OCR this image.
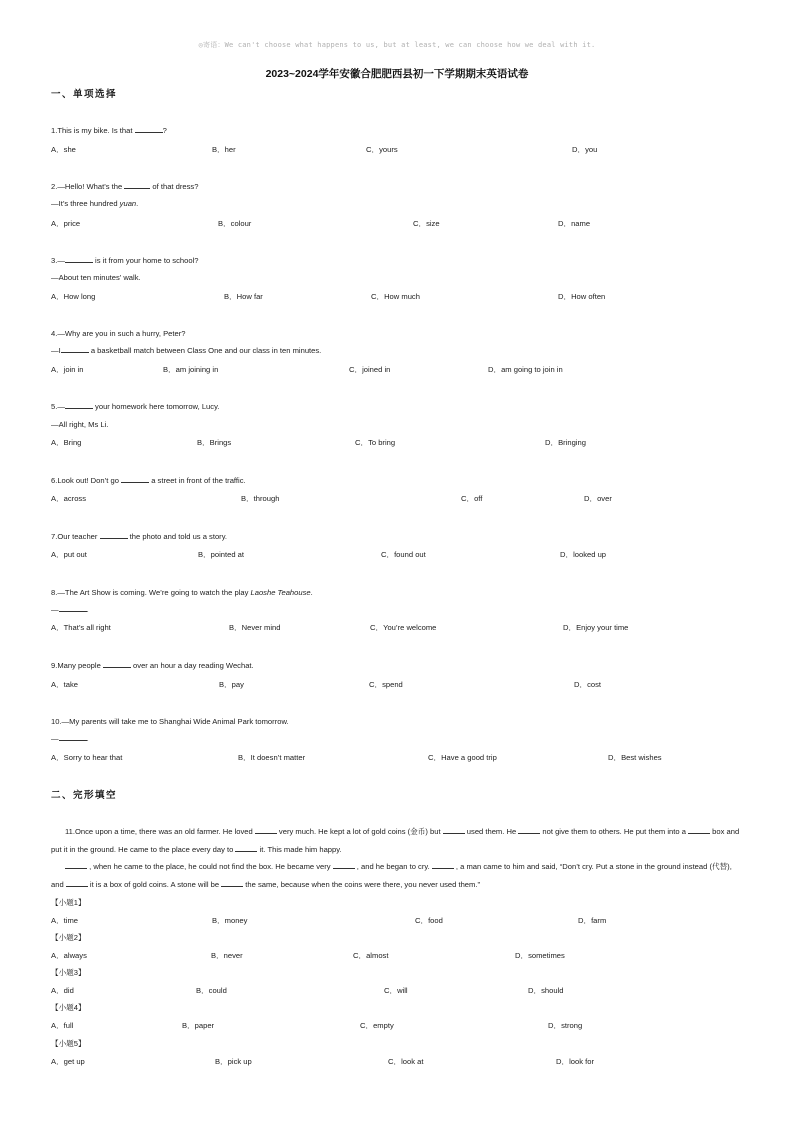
◎寄语：We can't choose what happens to us, but at least, we can choose how we deal with it.
2023~2024学年安徽合肥肥西县初一下学期期末英语试卷
一、单项选择
1.This is my bike. Is that	?
A．she	B．her	C．yours	D．you
2.—Hello! What’s the	of that dress?
—It’s three hundred yuan.
A．price	B．colour	C．size	D．name
3.—	is it from your home to school?
—About ten minutes’ walk.
A．How long	B．How far	C．How much	D．How often
4.—Why are you in such a hurry, Peter?
—I	a basketball match between Class One and our class in ten minutes.
A．join in	B．am joining in	C．joined in	D．am going to join in
5.—	your homework here tomorrow, Lucy.
—All right, Ms Li.
A．Bring	B．Brings	C．To bring	D．Bringing
6.Look out! Don’t go	a street in front of the traffic.
A．across	B．through	C．off	D．over
7.Our teacher	the photo and told us a story.
A．put out	B．pointed at	C．found out	D．looked up
8.—The Art Show is coming. We’re going to watch the play Laoshe Teahouse.
—	.
A．That’s all right	B．Never mind	C．You’re welcome	D．Enjoy your time
9.Many people	over an hour a day reading Wechat.
A．take	B．pay	C．spend	D．cost
10.—My parents will take me to Shanghai Wide Animal Park tomorrow.
—	.
A．Sorry to hear that	B．It doesn’t matter	C．Have a good trip	D．Best wishes
二、完形填空
11.Once upon a time, there was an old farmer. He loved	very much. He kept a lot of gold coins (金币) but	used them. He	not give them to others. He put them into a	box and put it in the ground. He came to the place every day to	it. This made him happy.
, when he came to the place, he could not find the box. He became very	, and he began to cry.	, a man came to him and said, “Don’t cry. Put a stone in the ground instead (代替), and	it is a box of gold coins. A stone will be	the same, because when the coins were there, you never used them.”
【小题1】
A．time	B．money	C．food	D．farm
【小题2】
A．always	B．never	C．almost	D．sometimes
【小题3】
A．did	B．could	C．will	D．should
【小题4】
A．full	B．paper	C．empty	D．strong
【小题5】
A．get up	B．pick up	C．look at	D．look for
